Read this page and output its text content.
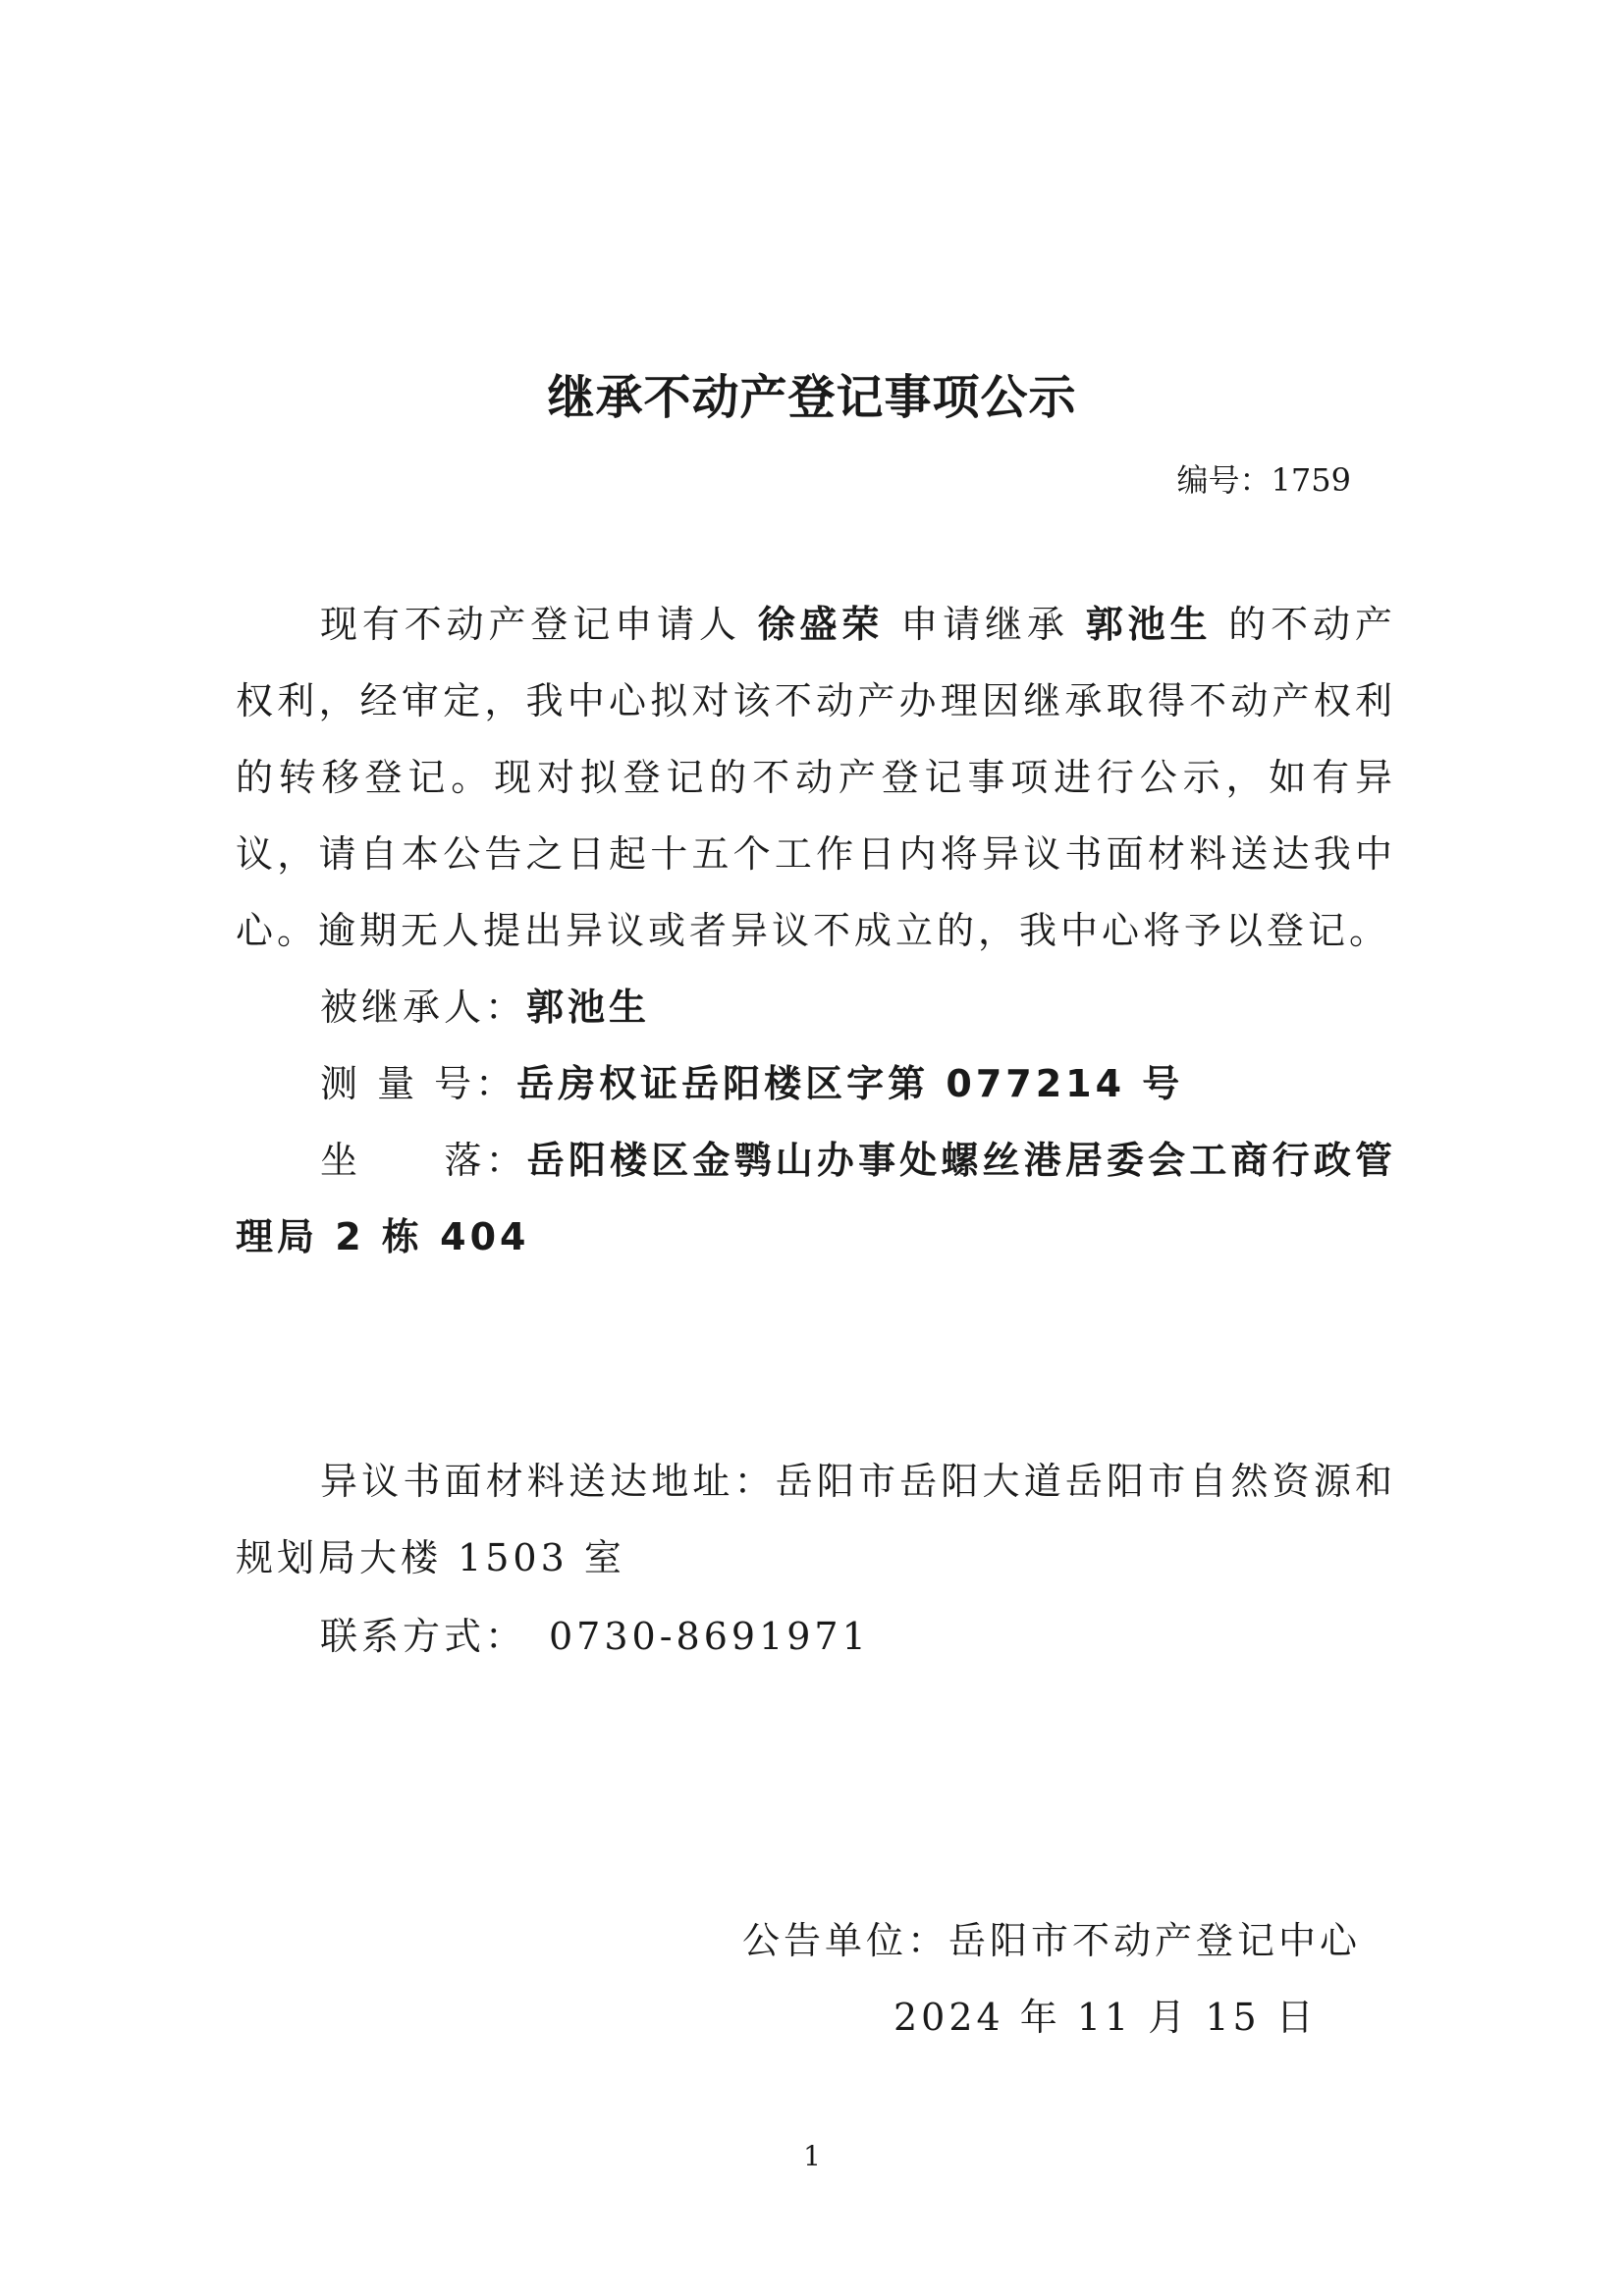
继承不动产登记事项公示
编号：1759

现有不动产登记申请人 徐盛荣 申请继承 郭池生 的不动产权利，经审定，我中心拟对该不动产办理因继承取得不动产权利的转移登记。现对拟登记的不动产登记事项进行公示，如有异议，请自本公告之日起十五个工作日内将异议书面材料送达我中心。逾期无人提出异议或者异议不成立的，我中心将予以登记。

被继承人：郭池生
测 量 号：岳房权证岳阳楼区字第 077214 号

坐　　落：岳阳楼区金鹗山办事处螺丝港居委会工商行政管理局 2 栋 404

异议书面材料送达地址：岳阳市岳阳大道岳阳市自然资源和规划局大楼 1503 室

联系方式：　0730-8691971
公告单位：岳阳市不动产登记中心
2024 年 11 月 15 日
1
